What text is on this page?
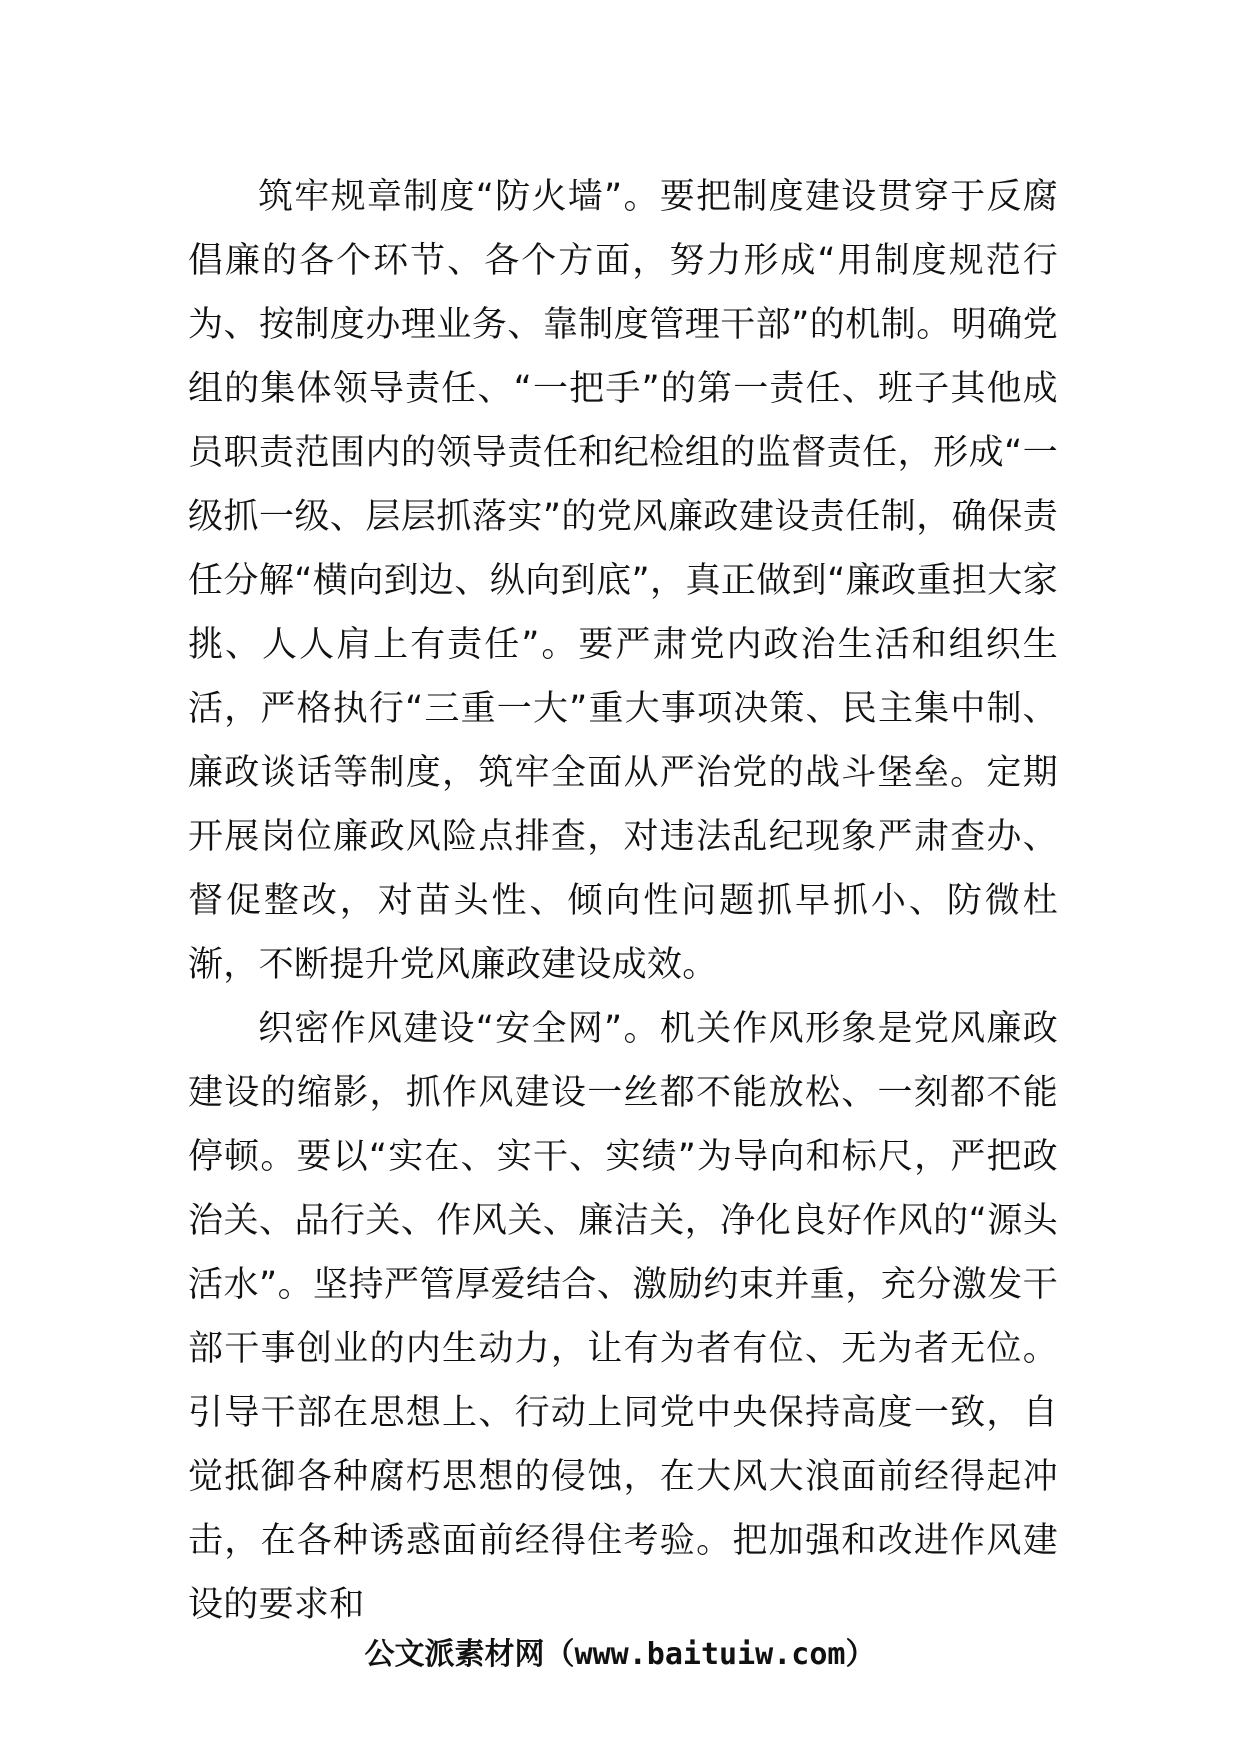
筑牢规章制度“防火墙”。要把制度建设贯穿于反腐倡廉的各个环节、各个方面，努力形成“用制度规范行为、按制度办理业务、靠制度管理干部”的机制。明确党组的集体领导责任、“一把手”的第一责任、班子其他成员职责范围内的领导责任和纪检组的监督责任，形成“一级抓一级、层层抓落实”的党风廉政建设责任制，确保责任分解“横向到边、纵向到底”，真正做到“廉政重担大家挑、人人肩上有责任”。要严肃党内政治生活和组织生活，严格执行“三重一大”重大事项决策、民主集中制、廉政谈话等制度，筑牢全面从严治党的战斗堡垒。定期开展岗位廉政风险点排查，对违法乱纪现象严肃查办、督促整改，对苗头性、倾向性问题抓早抓小、防微杜渐，不断提升党风廉政建设成效。

织密作风建设“安全网”。机关作风形象是党风廉政建设的缩影，抓作风建设一丝都不能放松、一刻都不能停顿。要以“实在、实干、实绩”为导向和标尺，严把政治关、品行关、作风关、廉洁关，净化良好作风的“源头活水”。坚持严管厚爱结合、激励约束并重，充分激发干部干事创业的内生动力，让有为者有位、无为者无位。引导干部在思想上、行动上同党中央保持高度一致，自觉抵御各种腐朽思想的侵蚀，在大风大浪面前经得起冲击，在各种诱惑面前经得住考验。把加强和改进作风建设的要求和

公文派素材网（www.baituiw.com）
